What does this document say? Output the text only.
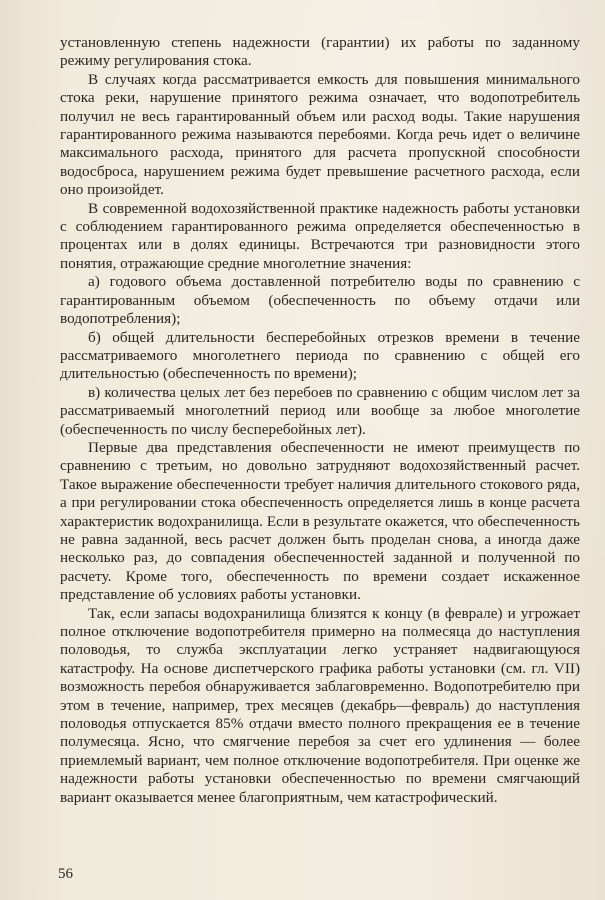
установленную степень надежности (гарантии) их работы по заданному режиму регулирования стока.

В случаях когда рассматривается емкость для повышения минимального стока реки, нарушение принятого режима означает, что водопотребитель получил не весь гарантированный объем или расход воды. Такие нарушения гарантированного режима называются перебоями. Когда речь идет о величине максимального расхода, принятого для расчета пропускной способности водосброса, нарушением режима будет превышение расчетного расхода, если оно произойдет.

В современной водохозяйственной практике надежность работы установки с соблюдением гарантированного режима определяется обеспеченностью в процентах или в долях единицы. Встречаются три разновидности этого понятия, отражающие средние многолетние значения:

а) годового объема доставленной потребителю воды по сравнению с гарантированным объемом (обеспеченность по объему отдачи или водопотребления);

б) общей длительности бесперебойных отрезков времени в течение рассматриваемого многолетнего периода по сравнению с общей его длительностью (обеспеченность по времени);

в) количества целых лет без перебоев по сравнению с общим числом лет за рассматриваемый многолетний период или вообще за любое многолетие (обеспеченность по числу бесперебойных лет).

Первые два представления обеспеченности не имеют преимуществ по сравнению с третьим, но довольно затрудняют водохозяйственный расчет. Такое выражение обеспеченности требует наличия длительного стокового ряда, а при регулировании стока обеспеченность определяется лишь в конце расчета характеристик водохранилища. Если в результате окажется, что обеспеченность не равна заданной, весь расчет должен быть проделан снова, а иногда даже несколько раз, до совпадения обеспеченностей заданной и полученной по расчету. Кроме того, обеспеченность по времени создает искаженное представление об условиях работы установки.

Так, если запасы водохранилища близятся к концу (в феврале) и угрожает полное отключение водопотребителя примерно на полмесяца до наступления половодья, то служба эксплуатации легко устраняет надвигающуюся катастрофу. На основе диспетчерского графика работы установки (см. гл. VII) возможность перебоя обнаруживается заблаговременно. Водопотребителю при этом в течение, например, трех месяцев (декабрь—февраль) до наступления половодья отпускается 85% отдачи вместо полного прекращения ее в течение полумесяца. Ясно, что смягчение перебоя за счет его удлинения — более приемлемый вариант, чем полное отключение водопотребителя. При оценке же надежности работы установки обеспеченностью по времени смягчающий вариант оказывается менее благоприятным, чем катастрофический.

56
